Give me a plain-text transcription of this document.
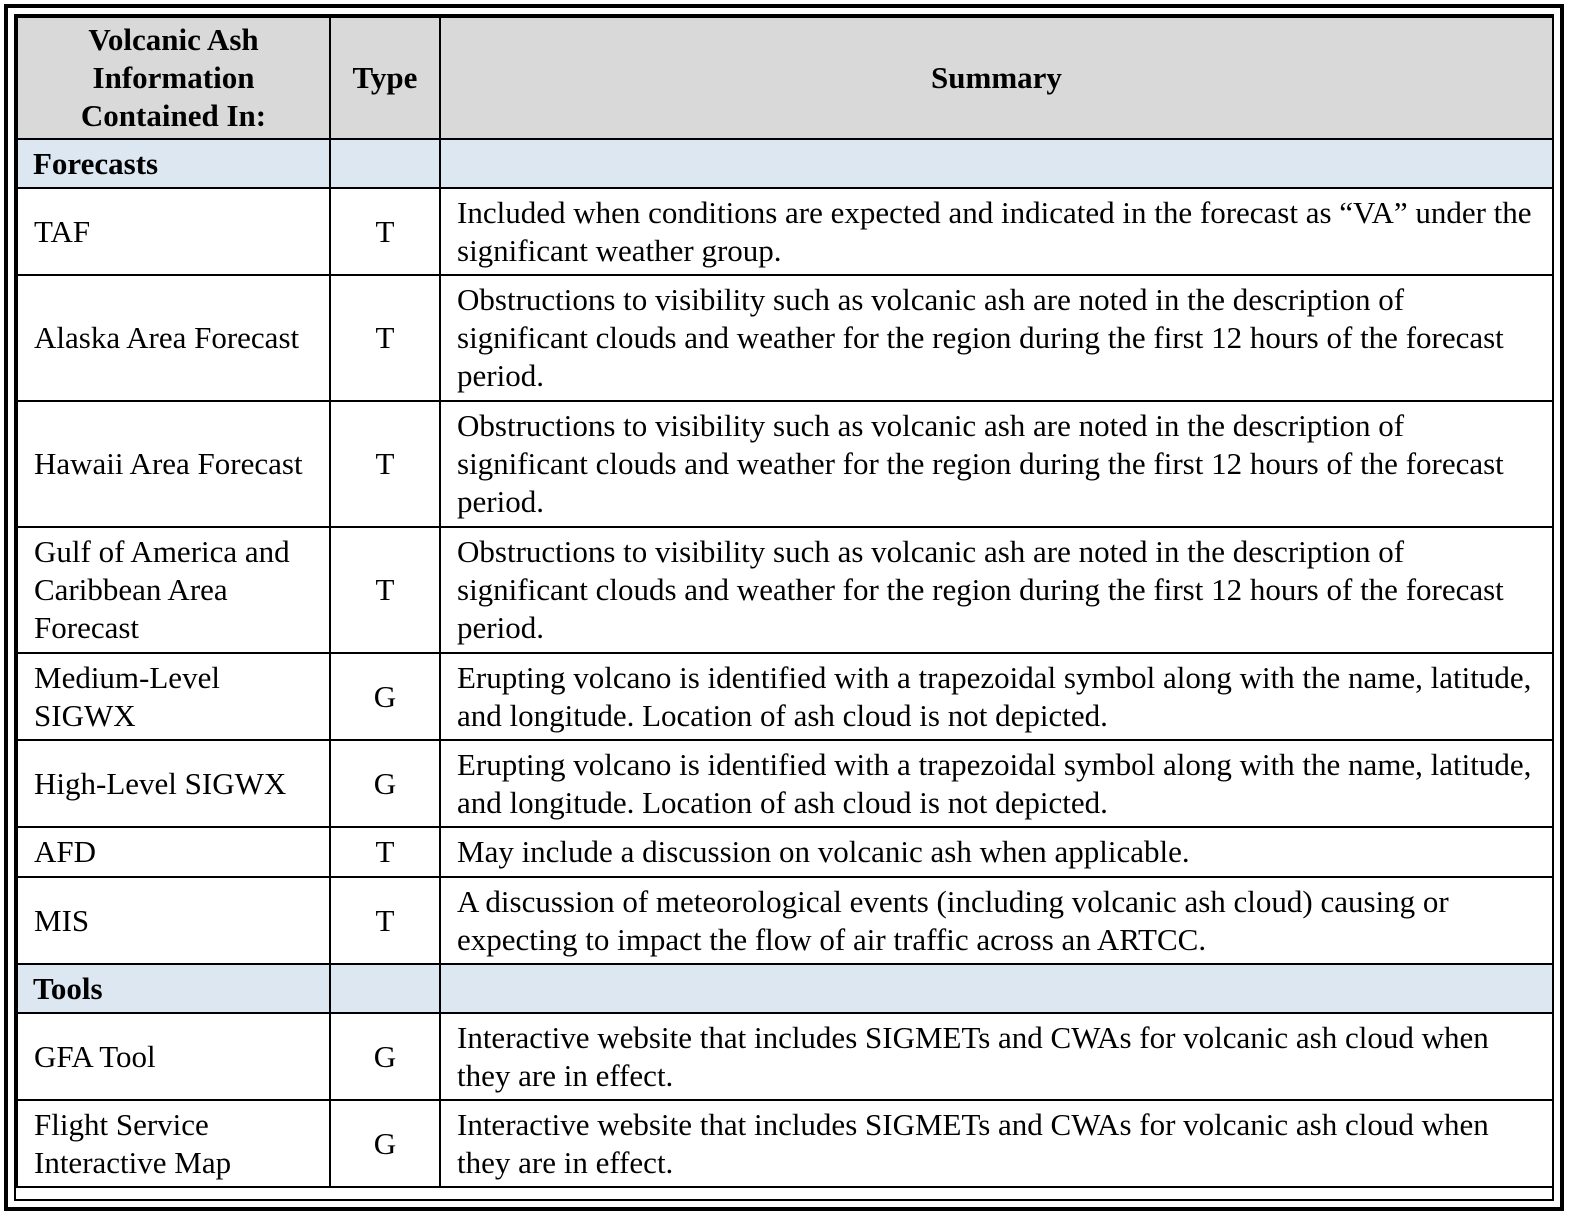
Volcanic Ash Information Contained In:	Type	Summary
Forecasts		
TAF	T	Included when conditions are expected and indicated in the forecast as “VA” under the significant weather group.
Alaska Area Forecast	T	Obstructions to visibility such as volcanic ash are noted in the description of significant clouds and weather for the region during the first 12 hours of the forecast period.
Hawaii Area Forecast	T	Obstructions to visibility such as volcanic ash are noted in the description of significant clouds and weather for the region during the first 12 hours of the forecast period.
Gulf of America and Caribbean Area Forecast	T	Obstructions to visibility such as volcanic ash are noted in the description of significant clouds and weather for the region during the first 12 hours of the forecast period.
Medium-Level SIGWX	G	Erupting volcano is identified with a trapezoidal symbol along with the name, latitude, and longitude. Location of ash cloud is not depicted.
High-Level SIGWX	G	Erupting volcano is identified with a trapezoidal symbol along with the name, latitude, and longitude. Location of ash cloud is not depicted.
AFD	T	May include a discussion on volcanic ash when applicable.
MIS	T	A discussion of meteorological events (including volcanic ash cloud) causing or expecting to impact the flow of air traffic across an ARTCC.
Tools		
GFA Tool	G	Interactive website that includes SIGMETs and CWAs for volcanic ash cloud when they are in effect.
Flight Service Interactive Map	G	Interactive website that includes SIGMETs and CWAs for volcanic ash cloud when they are in effect.
